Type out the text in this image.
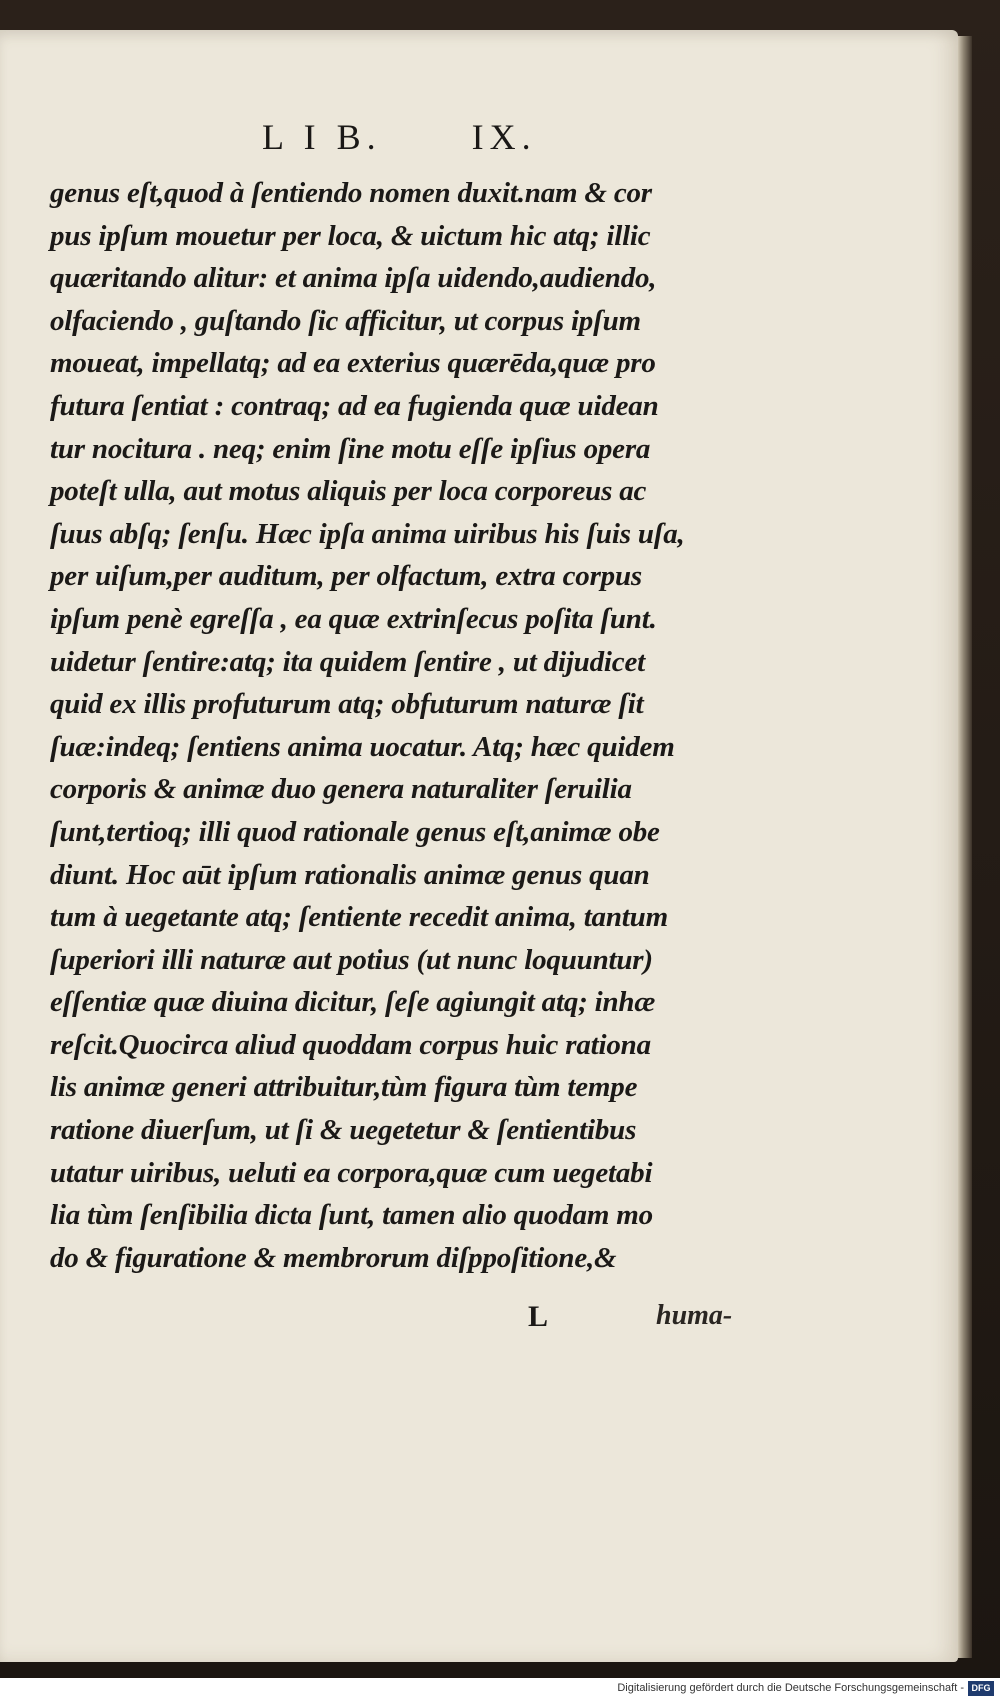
L I B.      IX.
genus eſt,quod à ſentiendo nomen duxit.nam & cor
pus ipſum mouetur per loca, & uictum hic atq; illic
quæritando alitur: et anima ipſa uidendo,audiendo,
olfaciendo , guſtando ſic afficitur, ut corpus ipſum
moueat, impellatq; ad ea exterius quærēda,quæ pro
futura ſentiat : contraq; ad ea fugienda quæ uidean
tur nocitura . neq; enim ſine motu eſſe ipſius opera
poteſt ulla, aut motus aliquis per loca corporeus ac
ſuus abſq; ſenſu. Hæc ipſa anima uiribus his ſuis uſa,
per uiſum,per auditum, per olfactum, extra corpus
ipſum penè egreſſa , ea quæ extrinſecus poſita ſunt.
uidetur ſentire:atq; ita quidem ſentire , ut dijudicet
quid ex illis profuturum atq; obfuturum naturæ ſit
ſuæ:indeq; ſentiens anima uocatur. Atq; hæc quidem
corporis & animæ duo genera naturaliter ſeruilia
ſunt,tertioq; illi quod rationale genus eſt,animæ obe
diunt. Hoc aūt ipſum rationalis animæ genus quan
tum à uegetante atq; ſentiente recedit anima, tantum
ſuperiori illi naturæ aut potius (ut nunc loquuntur)
eſſentiæ quæ diuina dicitur, ſeſe agiungit atq; inhæ
reſcit.Quocirca aliud quoddam corpus huic rationa
lis animæ generi attribuitur,tùm figura tùm tempe
ratione diuerſum, ut ſi & uegetetur & ſentientibus
utatur uiribus, ueluti ea corpora,quæ cum uegetabi
lia tùm ſenſibilia dicta ſunt, tamen alio quodam mo
do & figuratione & membrorum diſppoſitione,&
L	huma-
Digitalisierung gefördert durch die Deutsche Forschungsgemeinschaft - DFG
